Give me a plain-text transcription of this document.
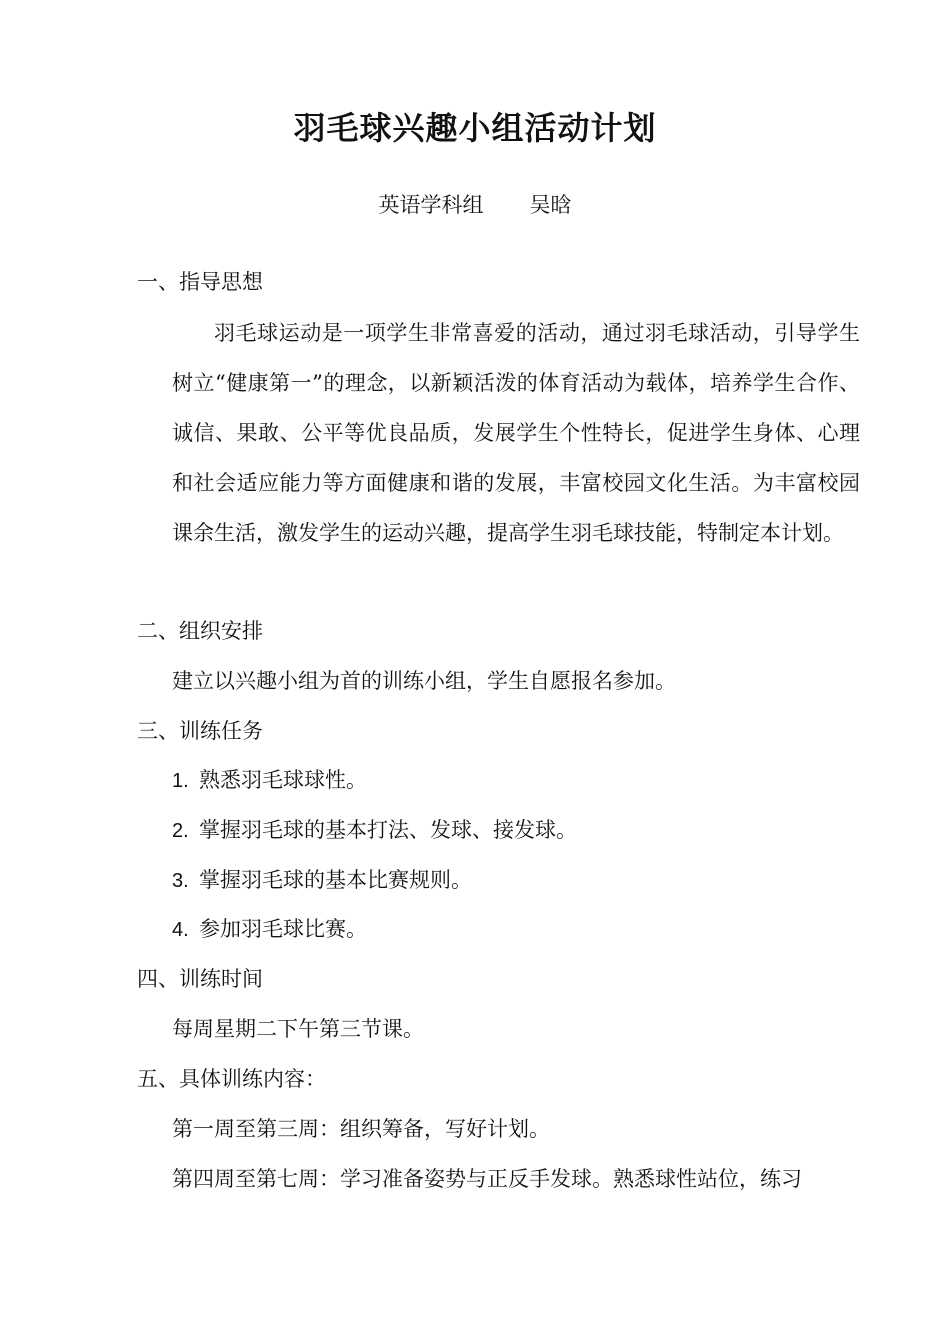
羽毛球兴趣小组活动计划
英语学科组 吴晗
一、指导思想
羽毛球运动是一项学生非常喜爱的活动，通过羽毛球活动，引导学生树立“健康第一”的理念，以新颖活泼的体育活动为载体，培养学生合作、诚信、果敢、公平等优良品质，发展学生个性特长，促进学生身体、心理和社会适应能力等方面健康和谐的发展，丰富校园文化生活。为丰富校园课余生活，激发学生的运动兴趣，提高学生羽毛球技能，特制定本计划。
二、组织安排
建立以兴趣小组为首的训练小组，学生自愿报名参加。
三、训练任务
1. 熟悉羽毛球球性。
2. 掌握羽毛球的基本打法、发球、接发球。
3. 掌握羽毛球的基本比赛规则。
4. 参加羽毛球比赛。
四、训练时间
每周星期二下午第三节课。
五、具体训练内容：
第一周至第三周：组织筹备，写好计划。
第四周至第七周：学习准备姿势与正反手发球。熟悉球性站位，练习
